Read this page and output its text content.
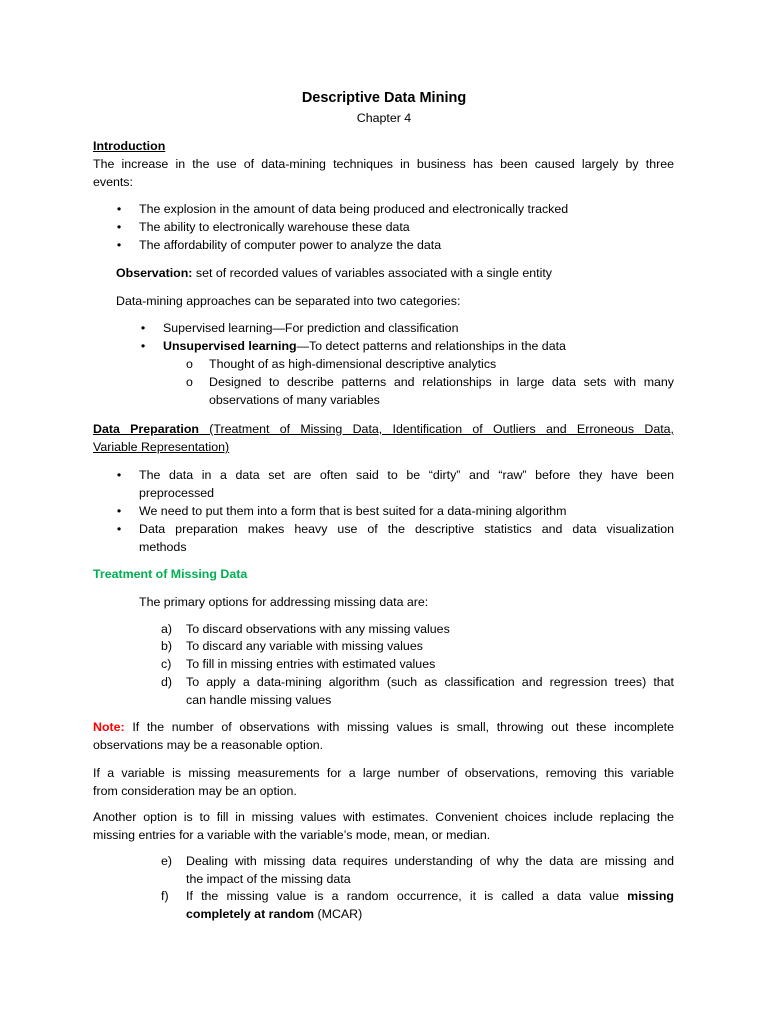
Descriptive Data Mining
Chapter 4
Introduction
The increase in the use of data-mining techniques in business has been caused largely by three
events:
• The explosion in the amount of data being produced and electronically tracked
• The ability to electronically warehouse these data
• The affordability of computer power to analyze the data
Observation: set of recorded values of variables associated with a single entity
Data-mining approaches can be separated into two categories:
• Supervised learning—For prediction and classification
• Unsupervised learning—To detect patterns and relationships in the data
o Thought of as high-dimensional descriptive analytics
o Designed to describe patterns and relationships in large data sets with many
observations of many variables
Data Preparation (Treatment of Missing Data, Identification of Outliers and Erroneous Data,
Variable Representation)
• The data in a data set are often said to be “dirty” and “raw” before they have been
preprocessed
• We need to put them into a form that is best suited for a data-mining algorithm
• Data preparation makes heavy use of the descriptive statistics and data visualization
methods
Treatment of Missing Data
The primary options for addressing missing data are:
a) To discard observations with any missing values
b) To discard any variable with missing values
c) To fill in missing entries with estimated values
d) To apply a data-mining algorithm (such as classification and regression trees) that
can handle missing values
Note: If the number of observations with missing values is small, throwing out these incomplete
observations may be a reasonable option.
If a variable is missing measurements for a large number of observations, removing this variable
from consideration may be an option.
Another option is to fill in missing values with estimates. Convenient choices include replacing the
missing entries for a variable with the variable’s mode, mean, or median.
e) Dealing with missing data requires understanding of why the data are missing and
the impact of the missing data
f) If the missing value is a random occurrence, it is called a data value missing
completely at random (MCAR)
